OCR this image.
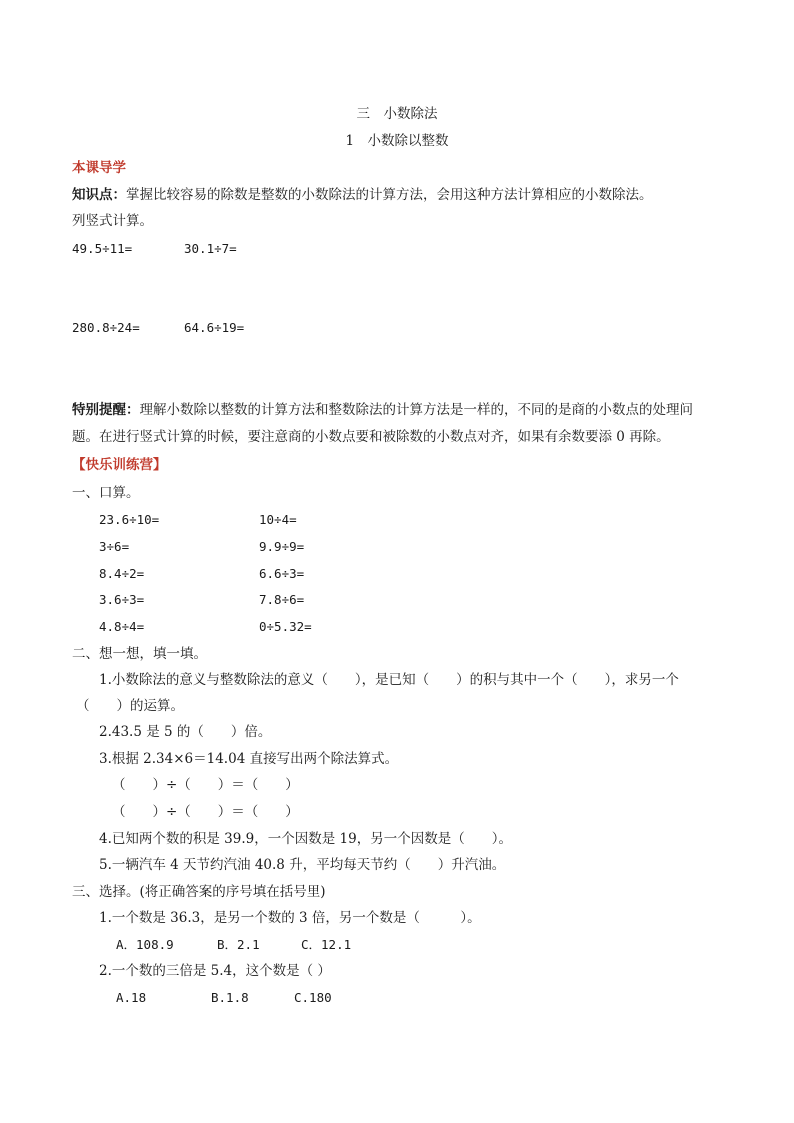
三　小数除法
1　小数除以整数
本课导学
知识点：掌握比较容易的除数是整数的小数除法的计算方法，会用这种方法计算相应的小数除法。
列竖式计算。
49.5÷11=	30.1÷7=
280.8÷24=	64.6÷19=
特别提醒：理解小数除以整数的计算方法和整数除法的计算方法是一样的，不同的是商的小数点的处理问
题。在进行竖式计算的时候，要注意商的小数点要和被除数的小数点对齐，如果有余数要添 0 再除。
【快乐训练营】
一、口算。
23.6÷10=	10÷4=
3÷6=	9.9÷9=
8.4÷2=	6.6÷3=
3.6÷3=	7.8÷6=
4.8÷4=	0÷5.32=
二、想一想，填一填。
1.小数除法的意义与整数除法的意义（　　），是已知（　　）的积与其中一个（　　），求另一个
（　　）的运算。
2.43.5 是 5 的（　　）倍。
3.根据 2.34×6＝14.04 直接写出两个除法算式。
（　　）÷（　　）＝（　　）
（　　）÷（　　）＝（　　）
4.已知两个数的积是 39.9，一个因数是 19，另一个因数是（　　）。
5.一辆汽车 4 天节约汽油 40.8 升，平均每天节约（　　）升汽油。
三、选择。(将正确答案的序号填在括号里)
1.一个数是 36.3，是另一个数的 3 倍，另一个数是（　　　）。
A．108.9	B．2.1	C．12.1
2.一个数的三倍是 5.4，这个数是（ ）
A.18	B.1.8	C.180
